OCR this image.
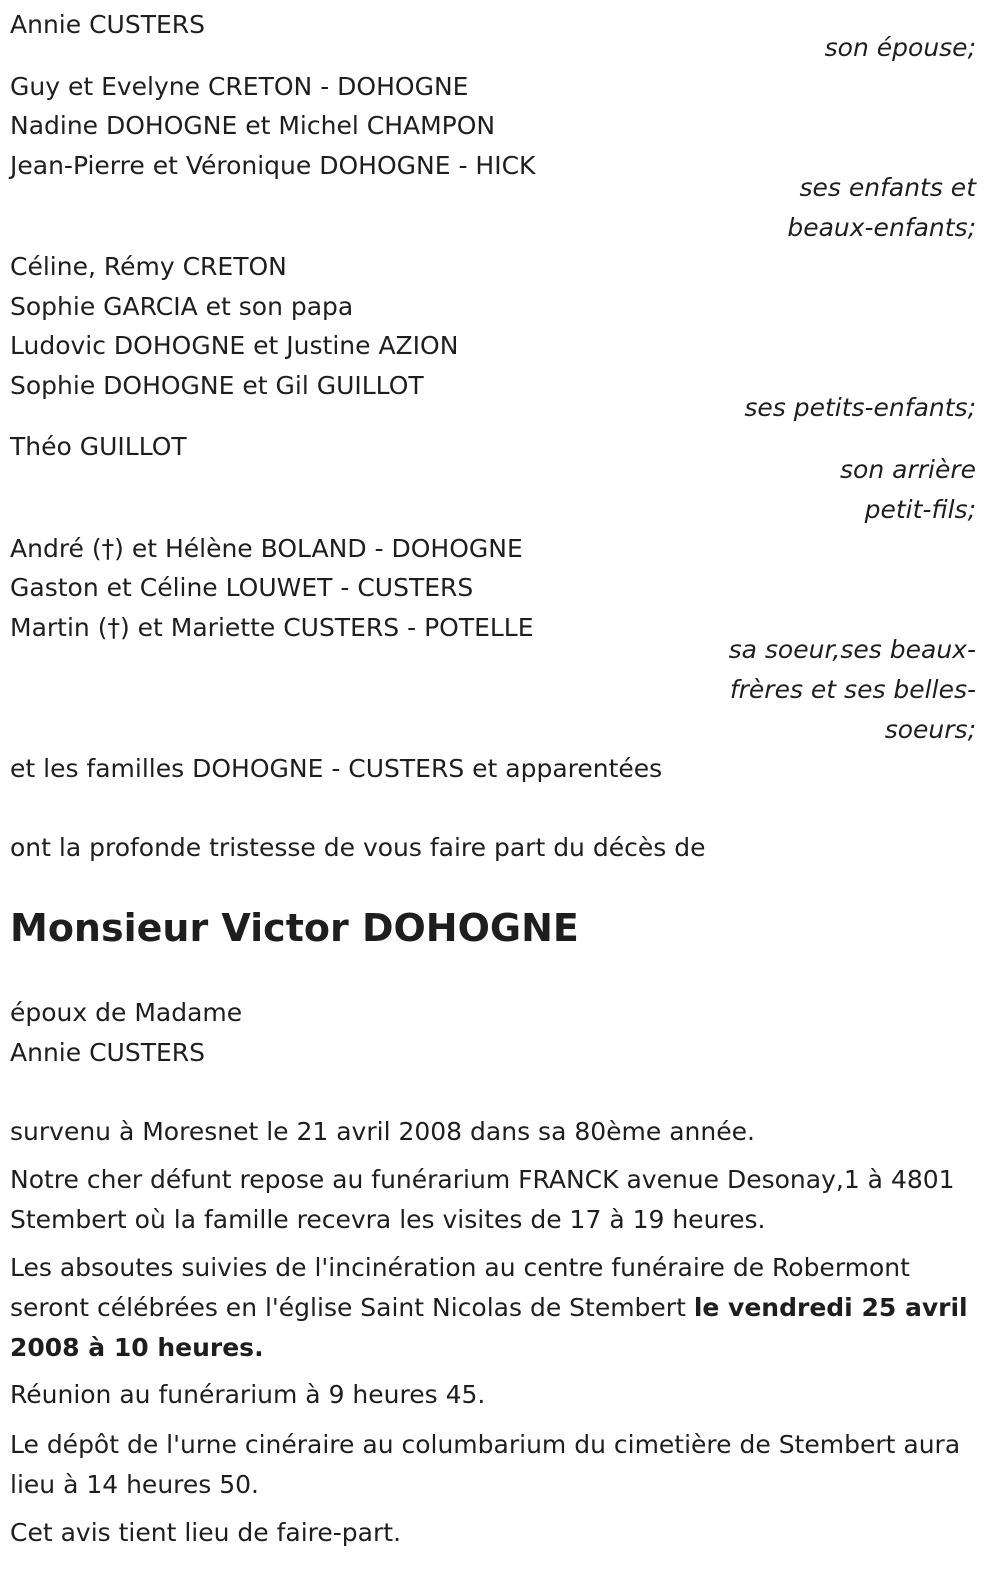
Annie CUSTERS
son épouse;
Guy et Evelyne CRETON - DOHOGNE
Nadine DOHOGNE et Michel CHAMPON
Jean-Pierre et Véronique DOHOGNE - HICK
ses enfants et
beaux-enfants;
Céline, Rémy CRETON
Sophie GARCIA et son papa
Ludovic DOHOGNE et Justine AZION
Sophie DOHOGNE et Gil GUILLOT
ses petits-enfants;
Théo GUILLOT
son arrière
petit-fils;
André (†) et Hélène BOLAND - DOHOGNE
Gaston et Céline LOUWET - CUSTERS
Martin (†) et Mariette CUSTERS - POTELLE
sa soeur,ses beaux-
frères et ses belles-
soeurs;
et les familles DOHOGNE - CUSTERS et apparentées
ont la profonde tristesse de vous faire part du décès de
Monsieur Victor DOHOGNE
époux de Madame
Annie CUSTERS
survenu à Moresnet le 21 avril 2008 dans sa 80ème année.
Notre cher défunt repose au funérarium FRANCK avenue Desonay,1 à 4801 Stembert où la famille recevra les visites de 17 à 19 heures.
Les absoutes suivies de l'incinération au centre funéraire de Robermont seront célébrées en l'église Saint Nicolas de Stembert le vendredi 25 avril 2008 à 10 heures.
Réunion au funérarium à 9 heures 45.
Le dépôt de l'urne cinéraire au columbarium du cimetière de Stembert aura lieu à 14 heures 50.
Cet avis tient lieu de faire-part.
